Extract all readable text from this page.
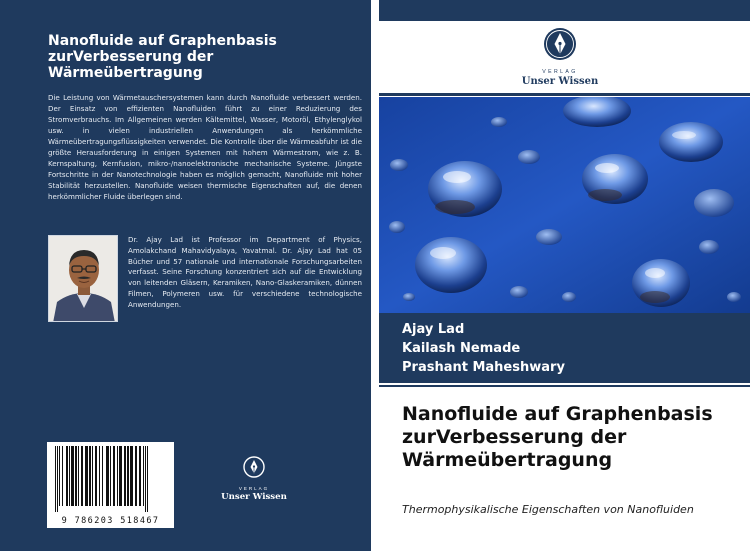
Nanofluide auf Graphenbasis zurVerbesserung der Wärmeübertragung
Die Leistung von Wärmetauschersystemen kann durch Nanofluide verbessert werden. Der Einsatz von effizienten Nanofluiden führt zu einer Reduzierung des Stromverbrauchs. Im Allgemeinen werden Kältemittel, Wasser, Motoröl, Ethylenglykol usw. in vielen industriellen Anwendungen als herkömmliche Wärmeübertragungsflüssigkeiten verwendet. Die Kontrolle über die Wärmeabfuhr ist die größte Herausforderung in einigen Systemen mit hohem Wärmestrom, wie z. B. Kernspaltung, Kernfusion, mikro-/nanoelektronische mechanische Systeme. Jüngste Fortschritte in der Nanotechnologie haben es möglich gemacht, Nanofluide mit hoher Stabilität herzustellen. Nanofluide weisen thermische Eigenschaften auf, die denen herkömmlicher Fluide überlegen sind.
Dr. Ajay Lad ist Professor im Department of Physics, Amolakchand Mahavidyalaya, Yavatmal. Dr. Ajay Lad hat 05 Bücher und 57 nationale und internationale Forschungsarbeiten verfasst. Seine Forschung konzentriert sich auf die Entwicklung von leitenden Gläsern, Keramiken, Nano-Glaskeramiken, dünnen Filmen, Polymeren usw. für verschiedene technologische Anwendungen.
9 786203 518467
VERLAG
Unser Wissen
VERLAG
Unser Wissen
Ajay Lad
Kailash Nemade
Prashant Maheshwary
Nanofluide auf Graphenbasis zurVerbesserung der Wärmeübertragung
Thermophysikalische Eigenschaften von Nanofluiden
